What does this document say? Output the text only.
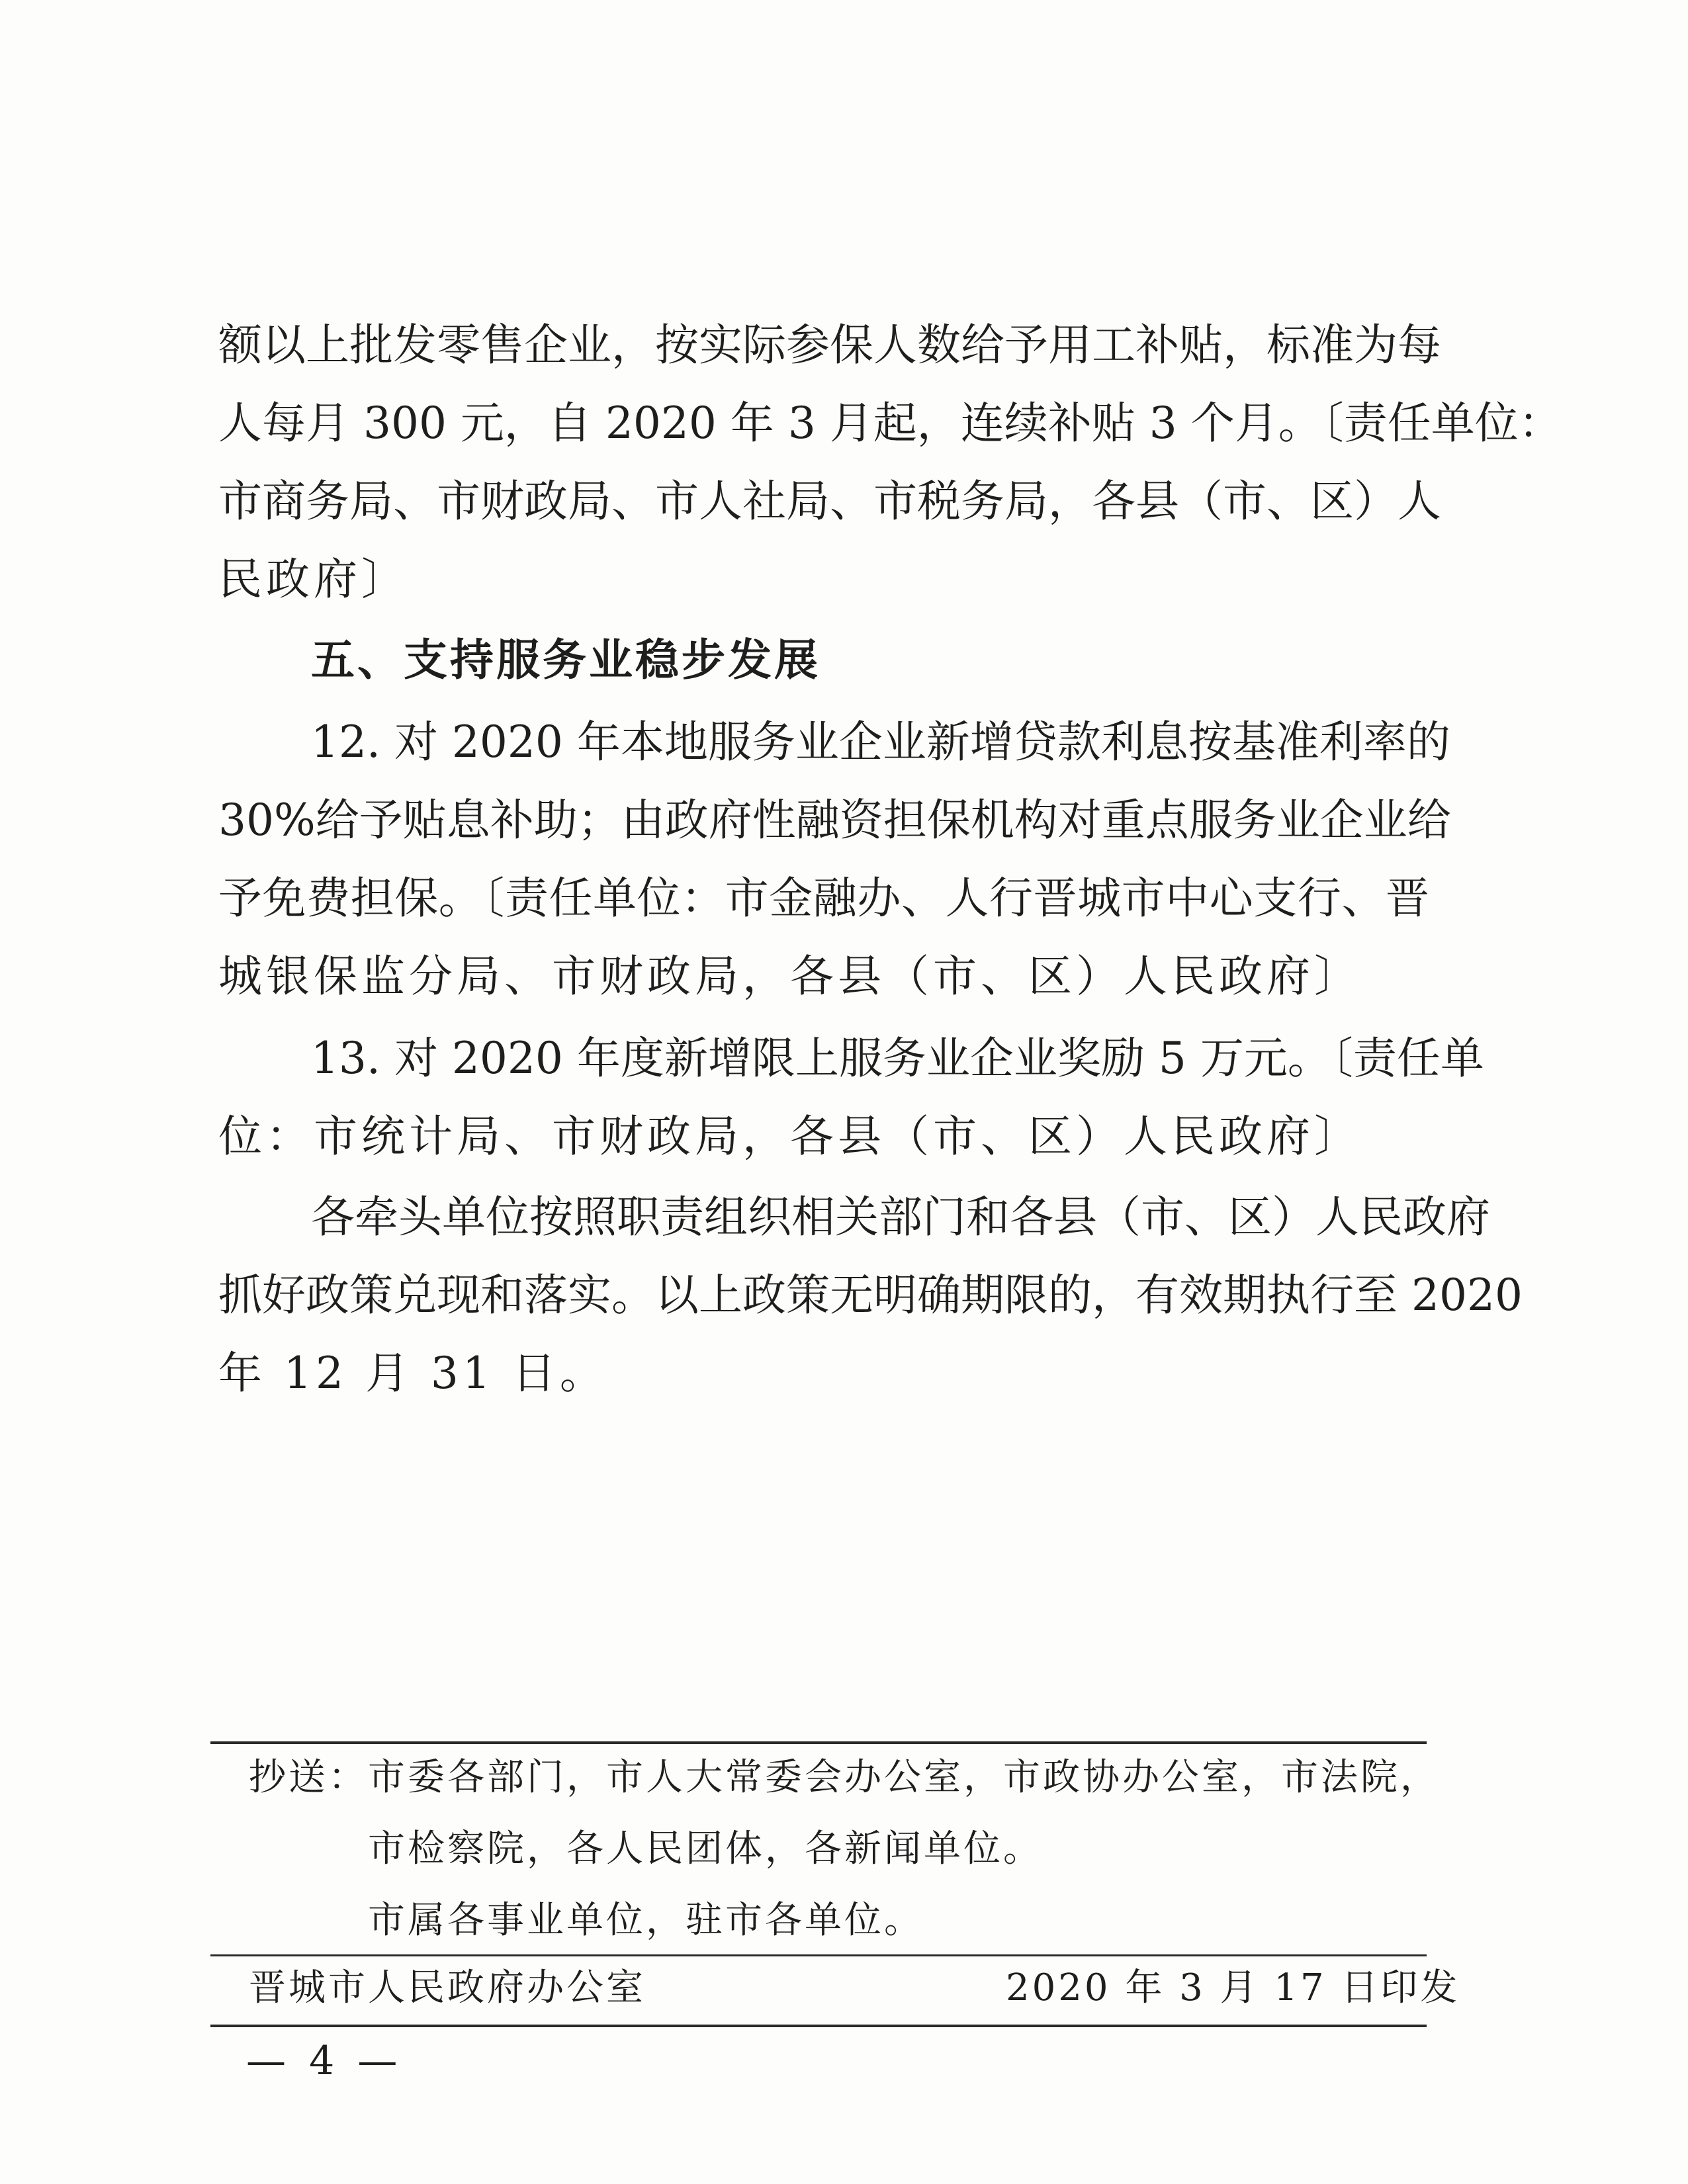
额以上批发零售企业，按实际参保人数给予用工补贴，标准为每
人每月 300 元，自 2020 年 3 月起，连续补贴 3 个月。〔责任单位：
市商务局、市财政局、市人社局、市税务局，各县（市、区）人
民政府〕
五、支持服务业稳步发展
12. 对 2020 年本地服务业企业新增贷款利息按基准利率的
30%给予贴息补助；由政府性融资担保机构对重点服务业企业给
予免费担保。〔责任单位：市金融办、人行晋城市中心支行、晋
城银保监分局、市财政局，各县（市、区）人民政府〕
13. 对 2020 年度新增限上服务业企业奖励 5 万元。〔责任单
位：市统计局、市财政局，各县（市、区）人民政府〕
各牵头单位按照职责组织相关部门和各县（市、区）人民政府
抓好政策兑现和落实。以上政策无明确期限的，有效期执行至 2020
年 12 月 31 日。
抄送： 市委各部门，市人大常委会办公室，市政协办公室，市法院，
市检察院，各人民团体，各新闻单位。
市属各事业单位，驻市各单位。
晋城市人民政府办公室	2020 年 3 月 17 日印发
— 4 —
